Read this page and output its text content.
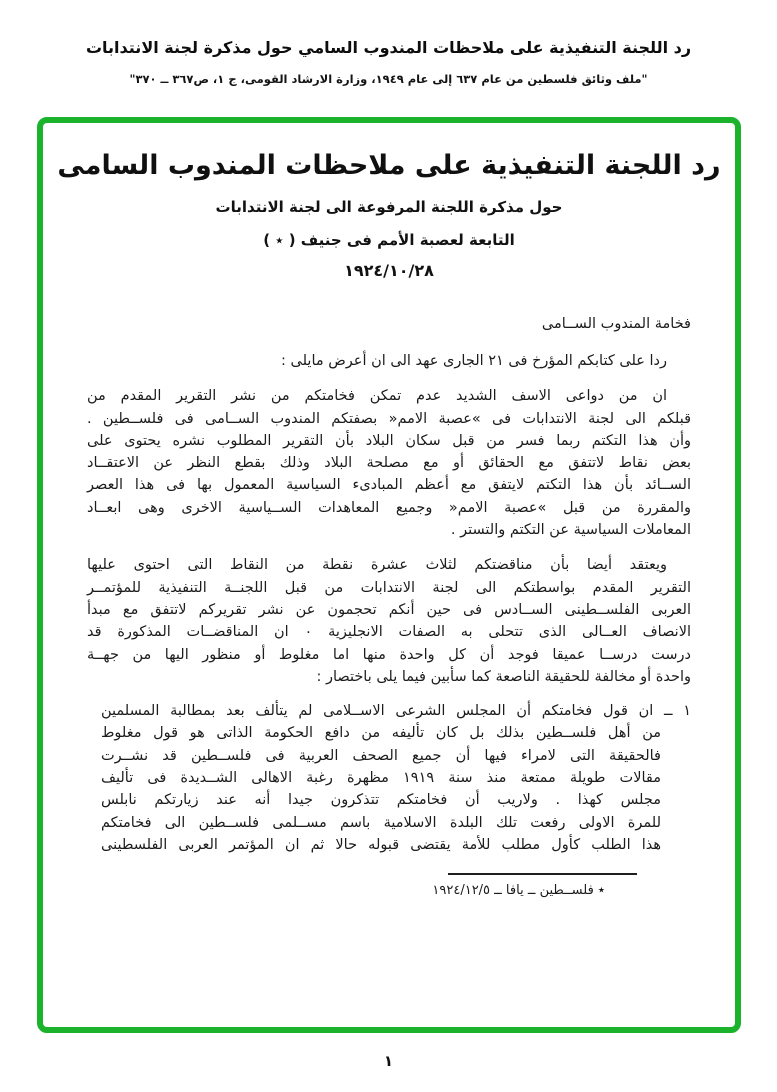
رد اللجنة التنفيذية على ملاحظات المندوب السامي حول مذكرة لجنة الانتدابات
"ملف وثائق فلسطين من عام ٦٣٧ إلى عام ١٩٤٩، وزارة الارشاد القومى، ج ١، ص٣٦٧ ــ ٣٧٠"
رد اللجنة التنفيذية على ملاحظات المندوب السامى
حول مذكرة اللجنة المرفوعة الى لجنة الانتدابات
التابعة لعصبة الأمم فى جنيف ( ٭ )
١٩٢٤/١٠/٢٨
فخامة المندوب الســامى
ردا على كتابكم المؤرخ فى ٢١ الجارى عهد الى ان أعرض مايلى :
ان من دواعى الاسف الشديد عدم تمكن فخامتكم من نشر التقرير المقدم من
قبلكم الى لجنة الانتدابات فى »عصبة الامم« بصفتكم المندوب الســامى فى فلســطين .
وأن هذا التكتم ربما فسر من قبل سكان البلاد بأن التقرير المطلوب نشره يحتوى على
بعض نقاط لاتتفق مع الحقائق أو مع مصلحة البلاد وذلك بقطع النظر عن الاعتقــاد
الســائد بأن هذا التكتم لايتفق مع أعظم المبادىء السياسية المعمول بها فى هذا العصر
والمقررة من قبل »عصبة الامم« وجميع المعاهدات الســياسية الاخرى وهى ابعــاد
المعاملات السياسية عن التكتم والتستر .
ويعتقد أيضا بأن مناقضتكم لثلاث عشرة نقطة من النقاط التى احتوى عليها
التقرير المقدم بواسطتكم الى لجنة الانتدابات من قبل اللجنــة التنفيذية للمؤتمــر
العربى الفلســطينى الســادس فى حين أنكم تحجمون عن نشر تقريركم لاتتفق مع مبدأ
الانصاف العــالى الذى تتحلى به الصفات الانجليزية ٠ ان المناقضــات المذكورة قد
درست درســا عميقا فوجد أن كل واحدة منها اما مغلوط أو منظور اليها من جهــة
واحدة أو مخالفة للحقيقة الناصعة كما سأبين فيما يلى باختصار :
١ ــ ان قول فخامتكم أن المجلس الشرعى الاســلامى لم يتألف بعد بمطالبة المسلمين
من أهل فلســطين بذلك بل كان تأليفه من دافع الحكومة الذاتى هو قول مغلوط
فالحقيقة التى لامراء فيها أن جميع الصحف العربية فى فلســطين قد نشــرت
مقالات طويلة ممتعة منذ سنة ١٩١٩ مظهرة رغبة الاهالى الشــديدة فى تأليف
مجلس كهذا . ولاريب أن فخامتكم تتذكرون جيدا أنه عند زيارتكم نابلس
للمرة الاولى رفعت تلك البلدة الاسلامية باسم مســلمى فلســطين الى فخامتكم
هذا الطلب كأول مطلب للأمة يقتضى قبوله حالا ثم ان المؤتمر العربى الفلسطينى
٭ فلســطين ــ يافا ــ ١٩٢٤/١٢/٥
١
